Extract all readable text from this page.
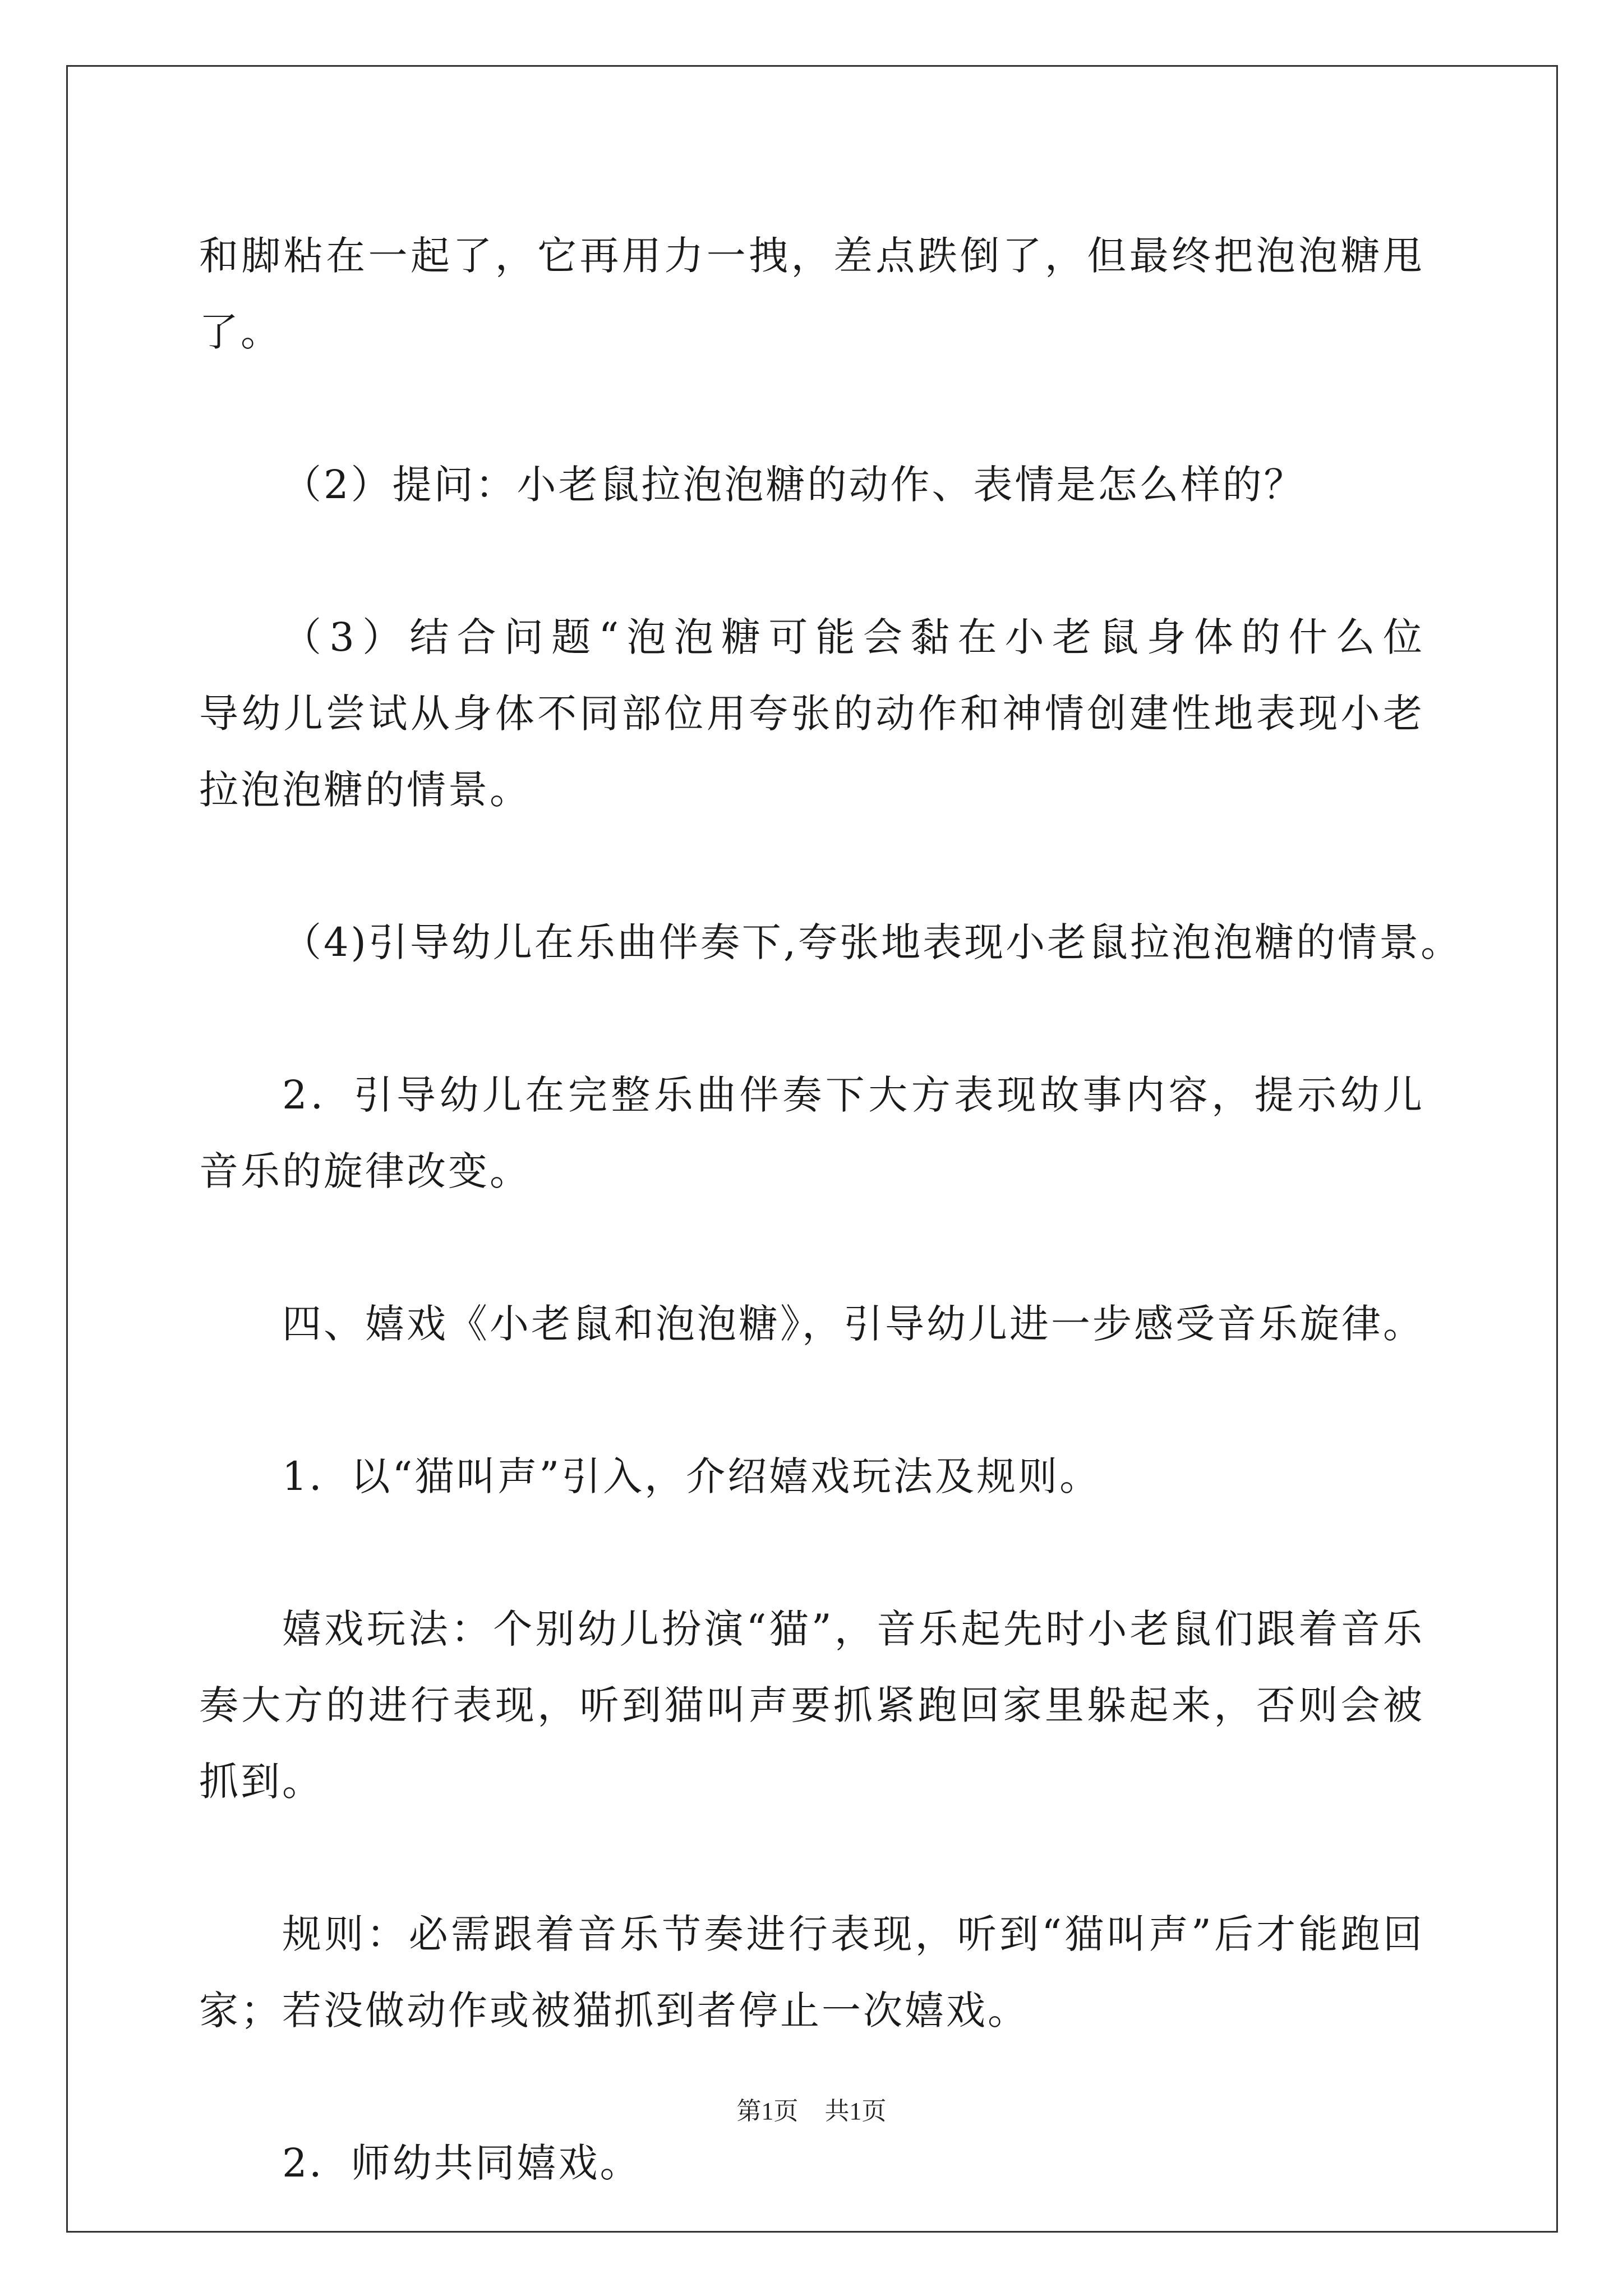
和脚粘在一起了，它再用力一拽，差点跌倒了，但最终把泡泡糖甩
了。
（2）提问：小老鼠拉泡泡糖的动作、表情是怎么样的？
（3）结合问题“泡泡糖可能会黏在小老鼠身体的什么位
导幼儿尝试从身体不同部位用夸张的动作和神情创建性地表现小老
拉泡泡糖的情景。
（4)引导幼儿在乐曲伴奏下,夸张地表现小老鼠拉泡泡糖的情景。
2．引导幼儿在完整乐曲伴奏下大方表现故事内容，提示幼儿
音乐的旋律改变。
四、嬉戏《小老鼠和泡泡糖》，引导幼儿进一步感受音乐旋律。
1．以“猫叫声”引入，介绍嬉戏玩法及规则。
嬉戏玩法：个别幼儿扮演“猫”，音乐起先时小老鼠们跟着音乐
奏大方的进行表现，听到猫叫声要抓紧跑回家里躲起来，否则会被
抓到。
规则：必需跟着音乐节奏进行表现，听到“猫叫声”后才能跑回
家；若没做动作或被猫抓到者停止一次嬉戏。
2．师幼共同嬉戏。
第1页 共1页
